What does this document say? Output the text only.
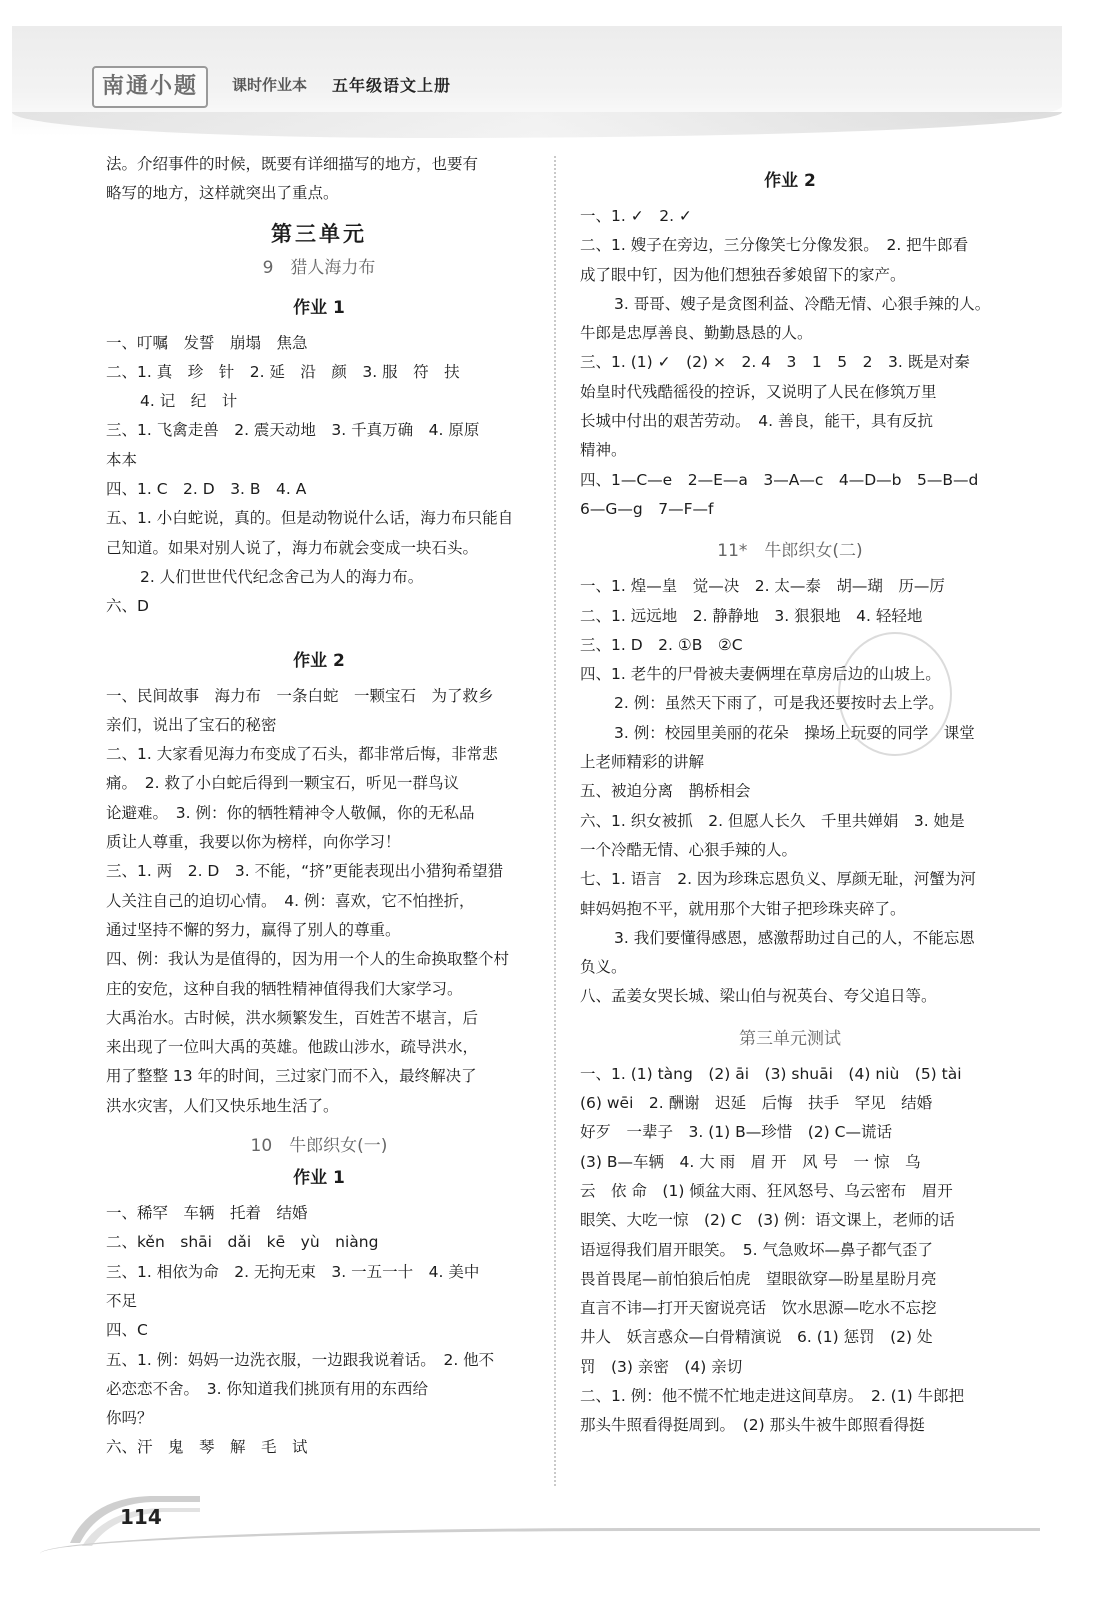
南通小题	课时作业本 五年级语文上册

法。介绍事件的时候，既要有详细描写的地方，也要有

略写的地方，这样就突出了重点。

第三单元
9　猎人海力布
作业 1

一、叮嘱　发誓　崩塌　焦急

二、1. 真　珍　针　2. 延　沿　颜　3. 服　符　扶

4. 记　纪　计

三、1. 飞禽走兽　2. 震天动地　3. 千真万确　4. 原原

本本

四、1. C　2. D　3. B　4. A

五、1. 小白蛇说，真的。但是动物说什么话，海力布只能自

己知道。如果对别人说了，海力布就会变成一块石头。

2. 人们世世代代纪念舍己为人的海力布。

六、D

作业 2

一、民间故事　海力布　一条白蛇　一颗宝石　为了救乡

亲们，说出了宝石的秘密

二、1. 大家看见海力布变成了石头，都非常后悔，非常悲

痛。　2. 救了小白蛇后得到一颗宝石，听见一群鸟议

论避难。　3. 例：你的牺牲精神令人敬佩，你的无私品

质让人尊重，我要以你为榜样，向你学习！

三、1. 两　2. D　3. 不能，“挤”更能表现出小猎狗希望猎

人关注自己的迫切心情。　4. 例：喜欢，它不怕挫折，

通过坚持不懈的努力，赢得了别人的尊重。

四、例：我认为是值得的，因为用一个人的生命换取整个村

庄的安危，这种自我的牺牲精神值得我们大家学习。

大禹治水。古时候，洪水频繁发生，百姓苦不堪言，后

来出现了一位叫大禹的英雄。他跋山涉水，疏导洪水，

用了整整 13 年的时间，三过家门而不入，最终解决了

洪水灾害，人们又快乐地生活了。

10　牛郎织女(一)
作业 1

一、稀罕　车辆　托着　结婚

二、kěn　shāi　dǎi　kē　yù　niàng

三、1. 相依为命　2. 无拘无束　3. 一五一十　4. 美中

不足

四、C

五、1. 例：妈妈一边洗衣服，一边跟我说着话。　2. 他不

必恋恋不舍。　3. 你知道我们挑顶有用的东西给

你吗？

六、汗　鬼　琴　解　毛　试

作业 2

一、1. ✓　2. ✓

二、1. 嫂子在旁边，三分像笑七分像发狠。　2. 把牛郎看

成了眼中钉，因为他们想独吞爹娘留下的家产。

3. 哥哥、嫂子是贪图利益、冷酷无情、心狠手辣的人。

牛郎是忠厚善良、勤勤恳恳的人。

三、1. (1) ✓　(2) ×　2. 4　3　1　5　2　3. 既是对秦

始皇时代残酷徭役的控诉，又说明了人民在修筑万里

长城中付出的艰苦劳动。　4. 善良，能干，具有反抗

精神。

四、1—C—e　2—E—a　3—A—c　4—D—b　5—B—d

6—G—g　7—F—f

11*　牛郎织女(二)

一、1. 煌—皇　觉—决　2. 太—泰　胡—瑚　历—厉

二、1. 远远地　2. 静静地　3. 狠狠地　4. 轻轻地

三、1. D　2. ①B　②C

四、1. 老牛的尸骨被夫妻俩埋在草房后边的山坡上。

2. 例：虽然天下雨了，可是我还要按时去上学。

3. 例：校园里美丽的花朵　操场上玩耍的同学　课堂

上老师精彩的讲解

五、被迫分离　鹊桥相会

六、1. 织女被抓　2. 但愿人长久　千里共婵娟　3. 她是

一个冷酷无情、心狠手辣的人。

七、1. 语言　2. 因为珍珠忘恩负义、厚颜无耻，河蟹为河

蚌妈妈抱不平，就用那个大钳子把珍珠夹碎了。

3. 我们要懂得感恩，感激帮助过自己的人，不能忘恩

负义。

八、孟姜女哭长城、梁山伯与祝英台、夸父追日等。

第三单元测试

一、1. (1) tàng　(2) āi　(3) shuāi　(4) niù　(5) tài

(6) wēi　2. 酬谢　迟延　后悔　扶手　罕见　结婚

好歹　一辈子　3. (1) B—珍惜　(2) C—谎话

(3) B—车辆　4. 大 雨　眉 开　风 号　一 惊　乌

云　依 命　(1) 倾盆大雨、狂风怒号、乌云密布　眉开

眼笑、大吃一惊　(2) C　(3) 例：语文课上，老师的话

语逗得我们眉开眼笑。　5. 气急败坏—鼻子都气歪了

畏首畏尾—前怕狼后怕虎　望眼欲穿—盼星星盼月亮

直言不讳—打开天窗说亮话　饮水思源—吃水不忘挖

井人　妖言惑众—白骨精演说　6. (1) 惩罚　(2) 处

罚　(3) 亲密　(4) 亲切

二、1. 例：他不慌不忙地走进这间草房。　2. (1) 牛郎把

那头牛照看得挺周到。　(2) 那头牛被牛郎照看得挺

114
